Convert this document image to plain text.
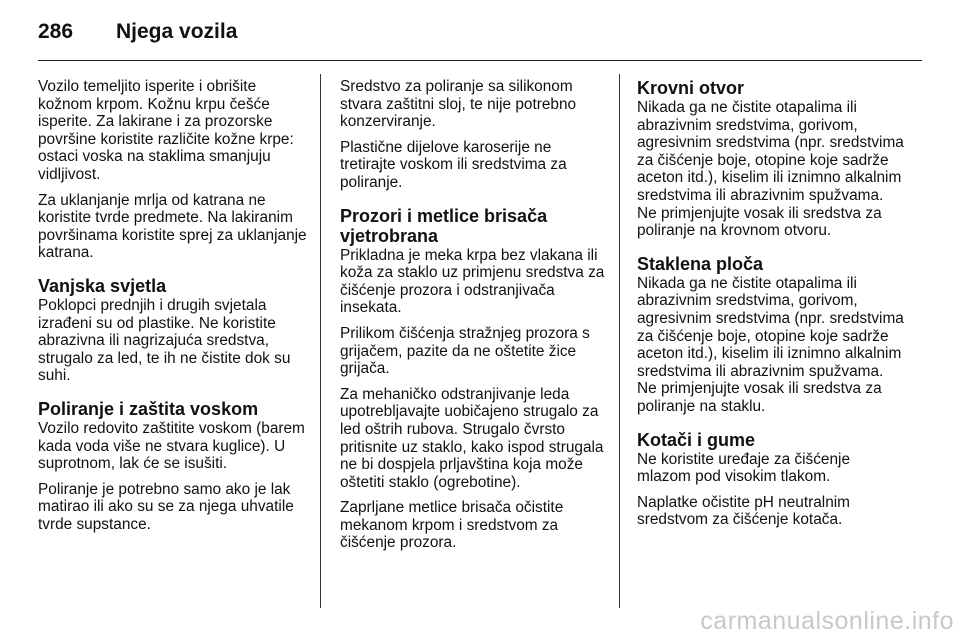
286	Njega vozila

Vozilo temeljito isperite i obrišite kožnom krpom. Kožnu krpu češće isperite. Za lakirane i za prozorske površine koristite različite kožne krpe: ostaci voska na staklima smanjuju vidljivost.

Za uklanjanje mrlja od katrana ne koristite tvrde predmete. Na lakiranim površinama koristite sprej za uklanjanje katrana.

Vanjska svjetla

Poklopci prednjih i drugih svjetala izrađeni su od plastike. Ne koristite abrazivna ili nagrizajuća sredstva, strugalo za led, te ih ne čistite dok su suhi.

Poliranje i zaštita voskom

Vozilo redovito zaštitite voskom (barem kada voda više ne stvara kuglice). U suprotnom, lak će se isušiti.

Poliranje je potrebno samo ako je lak matirao ili ako su se za njega uhvatile tvrde supstance.

Sredstvo za poliranje sa silikonom stvara zaštitni sloj, te nije potrebno konzerviranje.

Plastične dijelove karoserije ne tretirajte voskom ili sredstvima za poliranje.

Prozori i metlice brisača vjetrobrana

Prikladna je meka krpa bez vlakana ili koža za staklo uz primjenu sredstva za čišćenje prozora i odstranjivača insekata.

Prilikom čišćenja stražnjeg prozora s grijačem, pazite da ne oštetite žice grijača.

Za mehaničko odstranjivanje leda upotrebljavajte uobičajeno strugalo za led oštrih rubova. Strugalo čvrsto pritisnite uz staklo, kako ispod strugala ne bi dospjela prljavština koja može oštetiti staklo (ogrebotine).

Zaprljane metlice brisača očistite mekanom krpom i sredstvom za čišćenje prozora.

Krovni otvor

Nikada ga ne čistite otapalima ili abrazivnim sredstvima, gorivom, agresivnim sredstvima (npr. sredstvima za čišćenje boje, otopine koje sadrže aceton itd.), kiselim ili iznimno alkalnim sredstvima ili abrazivnim spužvama. Ne primjenjujte vosak ili sredstva za poliranje na krovnom otvoru.

Staklena ploča

Nikada ga ne čistite otapalima ili abrazivnim sredstvima, gorivom, agresivnim sredstvima (npr. sredstvima za čišćenje boje, otopine koje sadrže aceton itd.), kiselim ili iznimno alkalnim sredstvima ili abrazivnim spužvama. Ne primjenjujte vosak ili sredstva za poliranje na staklu.

Kotači i gume

Ne koristite uređaje za čišćenje mlazom pod visokim tlakom.

Naplatke očistite pH neutralnim sredstvom za čišćenje kotača.

carmanualsonline.info
